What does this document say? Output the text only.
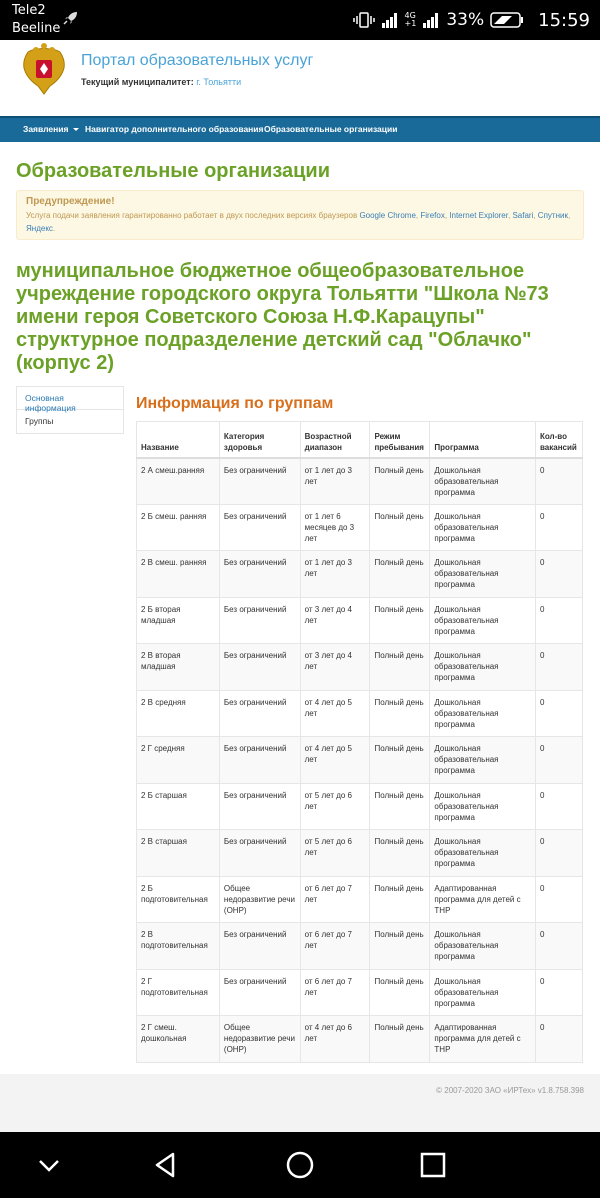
Tele2
Beeline
4G
+1 33%	15:59
Портал образовательных услуг
Текущий муниципалитет: г. Тольятти
Заявления	Навигатор дополнительного образования Образовательные организации
Образовательные организации
Предупреждение!
Услуга подачи заявления гарантированно работает в двух последних версиях браузеров Google Chrome, Firefox, Internet Explorer, Safari, Спутник, Яндекс.
муниципальное бюджетное общеобразовательное учреждение городского округа Тольятти "Школа №73 имени героя Советского Союза Н.Ф.Карацупы" структурное подразделение детский сад "Облачко" (корпус 2)
Основная информация
Группы
Информация по группам
Название	Категория здоровья	Возрастной диапазон	Режим пребывания	Программа	Кол-во вакансий
2 А смеш.ранняя	Без ограничений	от 1 лет до 3 лет	Полный день	Дошкольная образовательная программа	0
2 Б смеш. ранняя	Без ограничений	от 1 лет 6 месяцев до 3 лет	Полный день	Дошкольная образовательная программа	0
2 В смеш. ранняя	Без ограничений	от 1 лет до 3 лет	Полный день	Дошкольная образовательная программа	0
2 Б вторая младшая	Без ограничений	от 3 лет до 4 лет	Полный день	Дошкольная образовательная программа	0
2 В вторая младшая	Без ограничений	от 3 лет до 4 лет	Полный день	Дошкольная образовательная программа	0
2 В средняя	Без ограничений	от 4 лет до 5 лет	Полный день	Дошкольная образовательная программа	0
2 Г средняя	Без ограничений	от 4 лет до 5 лет	Полный день	Дошкольная образовательная программа	0
2 Б старшая	Без ограничений	от 5 лет до 6 лет	Полный день	Дошкольная образовательная программа	0
2 В старшая	Без ограничений	от 5 лет до 6 лет	Полный день	Дошкольная образовательная программа	0
2 Б подготовительная	Общее недоразвитие речи (ОНР)	от 6 лет до 7 лет	Полный день	Адаптированная программа для детей с ТНР	0
2 В подготовительная	Без ограничений	от 6 лет до 7 лет	Полный день	Дошкольная образовательная программа	0
2 Г подготовительная	Без ограничений	от 6 лет до 7 лет	Полный день	Дошкольная образовательная программа	0
2 Г смеш. дошкольная	Общее недоразвитие речи (ОНР)	от 4 лет до 6 лет	Полный день	Адаптированная программа для детей с ТНР	0
© 2007-2020 ЗАО «ИРТех» v1.8.758.398
